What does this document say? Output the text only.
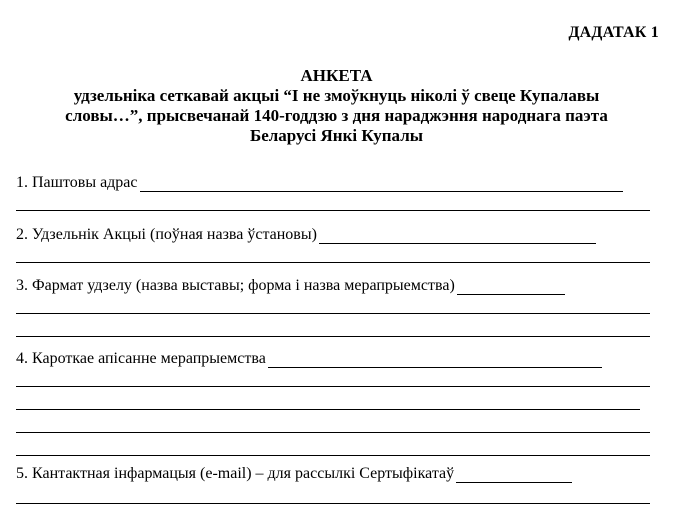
ДАДАТАК 1
АНКЕТА
удзельніка сеткавай акцыі “І не змоўкнуць ніколі ў свеце Купалавы
словы…”, прысвечанай 140-годдзю з дня нараджэння народнага паэта
Беларусі Янкі Купалы
1. Паштовы адрас
2. Удзельнік Акцыі (поўная назва ўстановы)
3. Фармат удзелу (назва выставы; форма і назва мерапрыемства)
4. Кароткае апісанне мерапрыемства
5. Кантактная інфармацыя (e-mail) – для рассылкі Сертыфікатаў
